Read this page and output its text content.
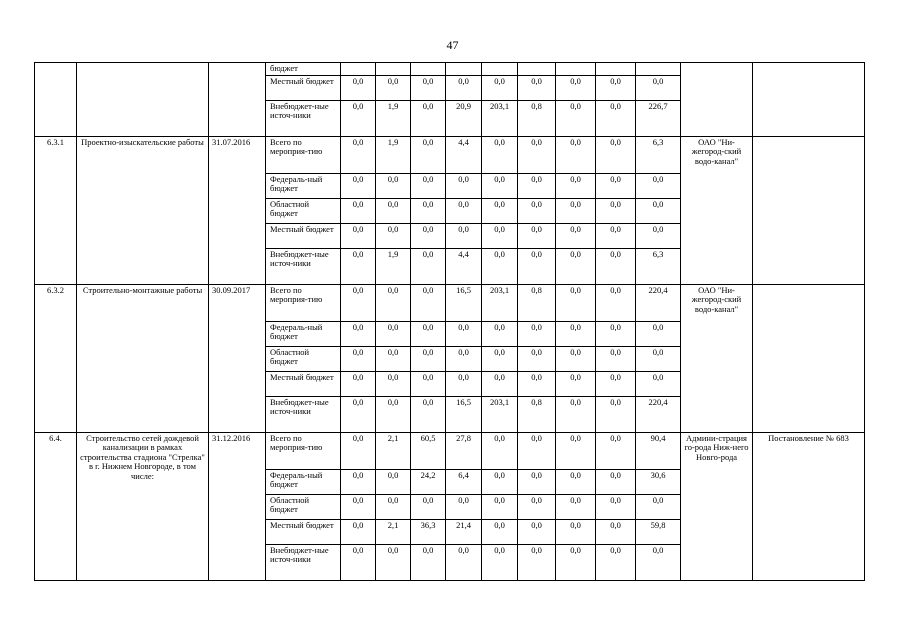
47
			бюджет											
			Местный бюджет	0,0	0,0	0,0	0,0	0,0	0,0	0,0	0,0	0,0		
			Внебюджет-ные источ-ники	0,0	1,9	0,0	20,9	203,1	0,8	0,0	0,0	226,7		
6.3.1	Проектно-изыскательские работы	31.07.2016	Всего по мероприя-тию	0,0	1,9	0,0	4,4	0,0	0,0	0,0	0,0	6,3	ОАО "Ни-жегород-ский водо-канал"	
			Федераль-ный бюджет	0,0	0,0	0,0	0,0	0,0	0,0	0,0	0,0	0,0		
			Областной бюджет	0,0	0,0	0,0	0,0	0,0	0,0	0,0	0,0	0,0		
			Местный бюджет	0,0	0,0	0,0	0,0	0,0	0,0	0,0	0,0	0,0		
			Внебюджет-ные источ-ники	0,0	1,9	0,0	4,4	0,0	0,0	0,0	0,0	6,3		
6.3.2	Строительно-монтажные работы	30.09.2017	Всего по мероприя-тию	0,0	0,0	0,0	16,5	203,1	0,8	0,0	0,0	220,4	ОАО "Ни-жегород-ский водо-канал"	
			Федераль-ный бюджет	0,0	0,0	0,0	0,0	0,0	0,0	0,0	0,0	0,0		
			Областной бюджет	0,0	0,0	0,0	0,0	0,0	0,0	0,0	0,0	0,0		
			Местный бюджет	0,0	0,0	0,0	0,0	0,0	0,0	0,0	0,0	0,0		
			Внебюджет-ные источ-ники	0,0	0,0	0,0	16,5	203,1	0,8	0,0	0,0	220,4		
6.4.	Строительство сетей дождевой канализации в рамках строительства стадиона "Стрелка" в г. Нижнем Новгороде, в том числе:	31.12.2016	Всего по мероприя-тию	0,0	2,1	60,5	27,8	0,0	0,0	0,0	0,0	90,4	Админи-страция го-рода Ниж-него Новго-рода	Постановление № 683
			Федераль-ный бюджет	0,0	0,0	24,2	6,4	0,0	0,0	0,0	0,0	30,6		
			Областной бюджет	0,0	0,0	0,0	0,0	0,0	0,0	0,0	0,0	0,0		
			Местный бюджет	0,0	2,1	36,3	21,4	0,0	0,0	0,0	0,0	59,8		
			Внебюджет-ные источ-ники	0,0	0,0	0,0	0,0	0,0	0,0	0,0	0,0	0,0		
